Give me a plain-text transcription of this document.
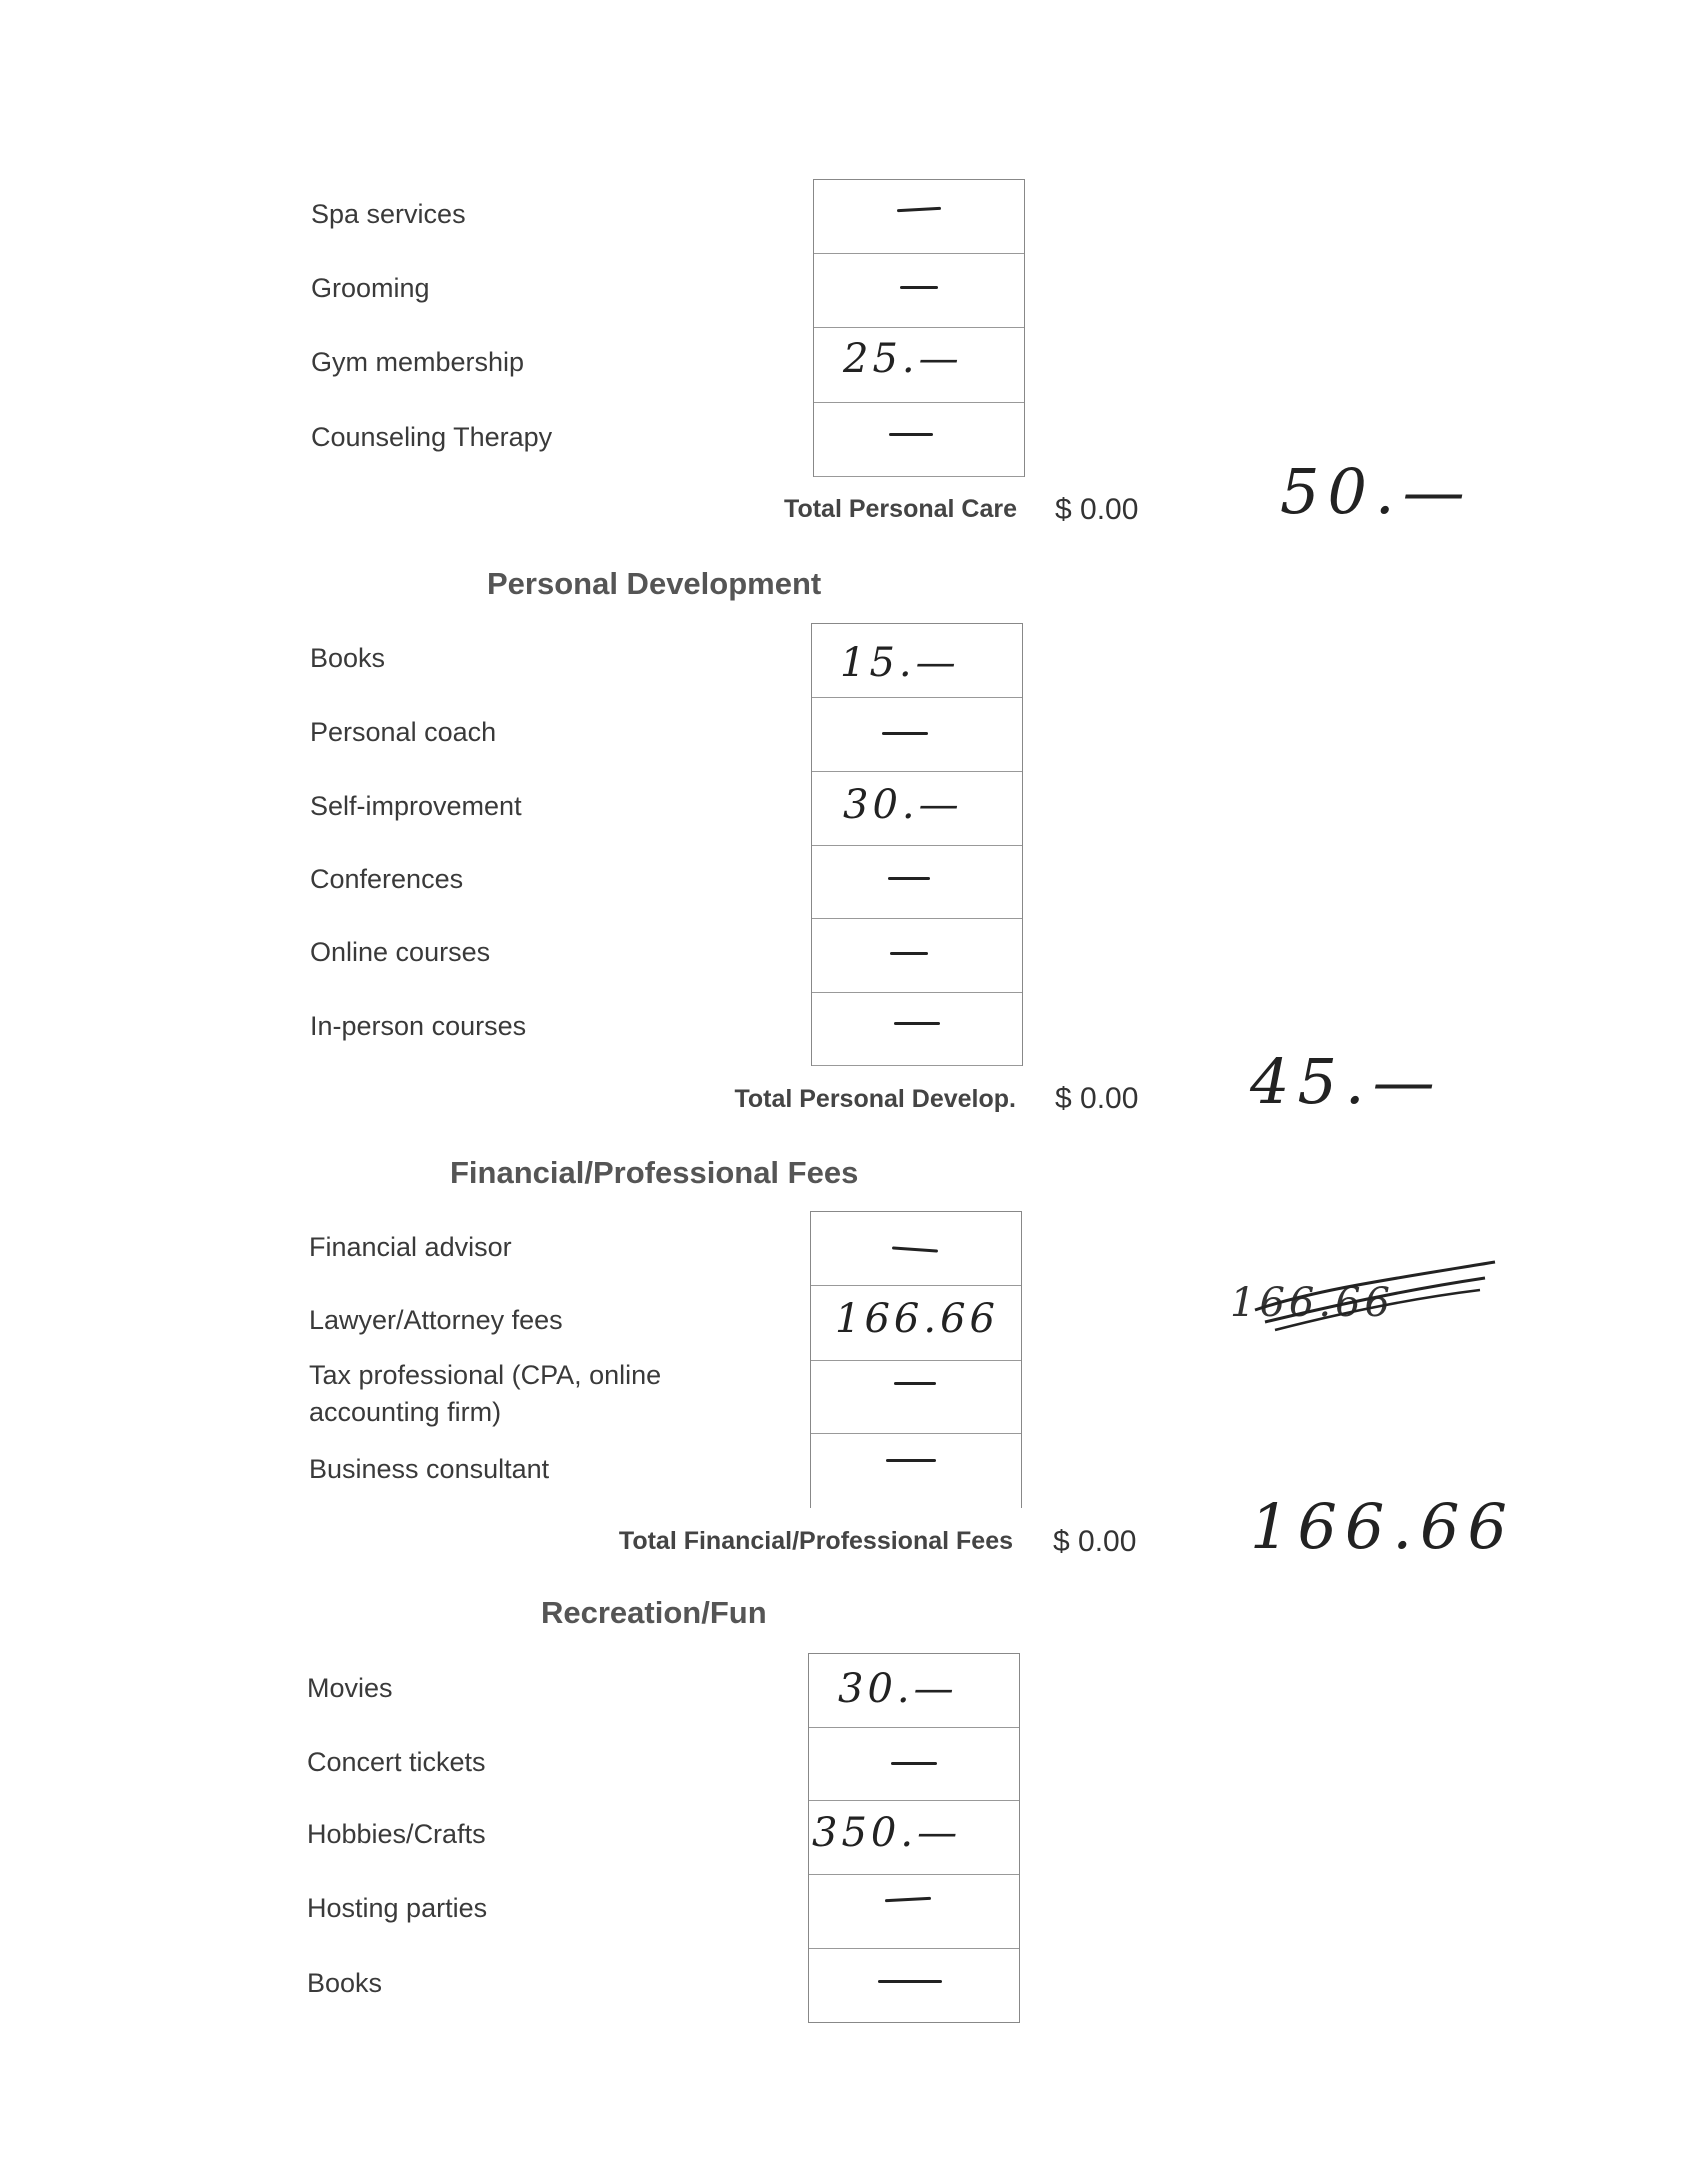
Spa services
Grooming
Gym membership
Counseling Therapy
25.—
Total Personal Care $ 0.00 50.—
Personal Development
Books
Personal coach
Self-improvement
Conferences
Online courses
In-person courses
15.—
30.—
Total Personal Develop. $ 0.00 45.—
Financial/Professional Fees
Financial advisor
Lawyer/Attorney fees
Tax professional (CPA, online accounting firm)
Business consultant
166.66	166.66
Total Financial/Professional Fees $ 0.00 166.66
Recreation/Fun
Movies
Concert tickets
Hobbies/Crafts
Hosting parties
Books
30.—
350.—
